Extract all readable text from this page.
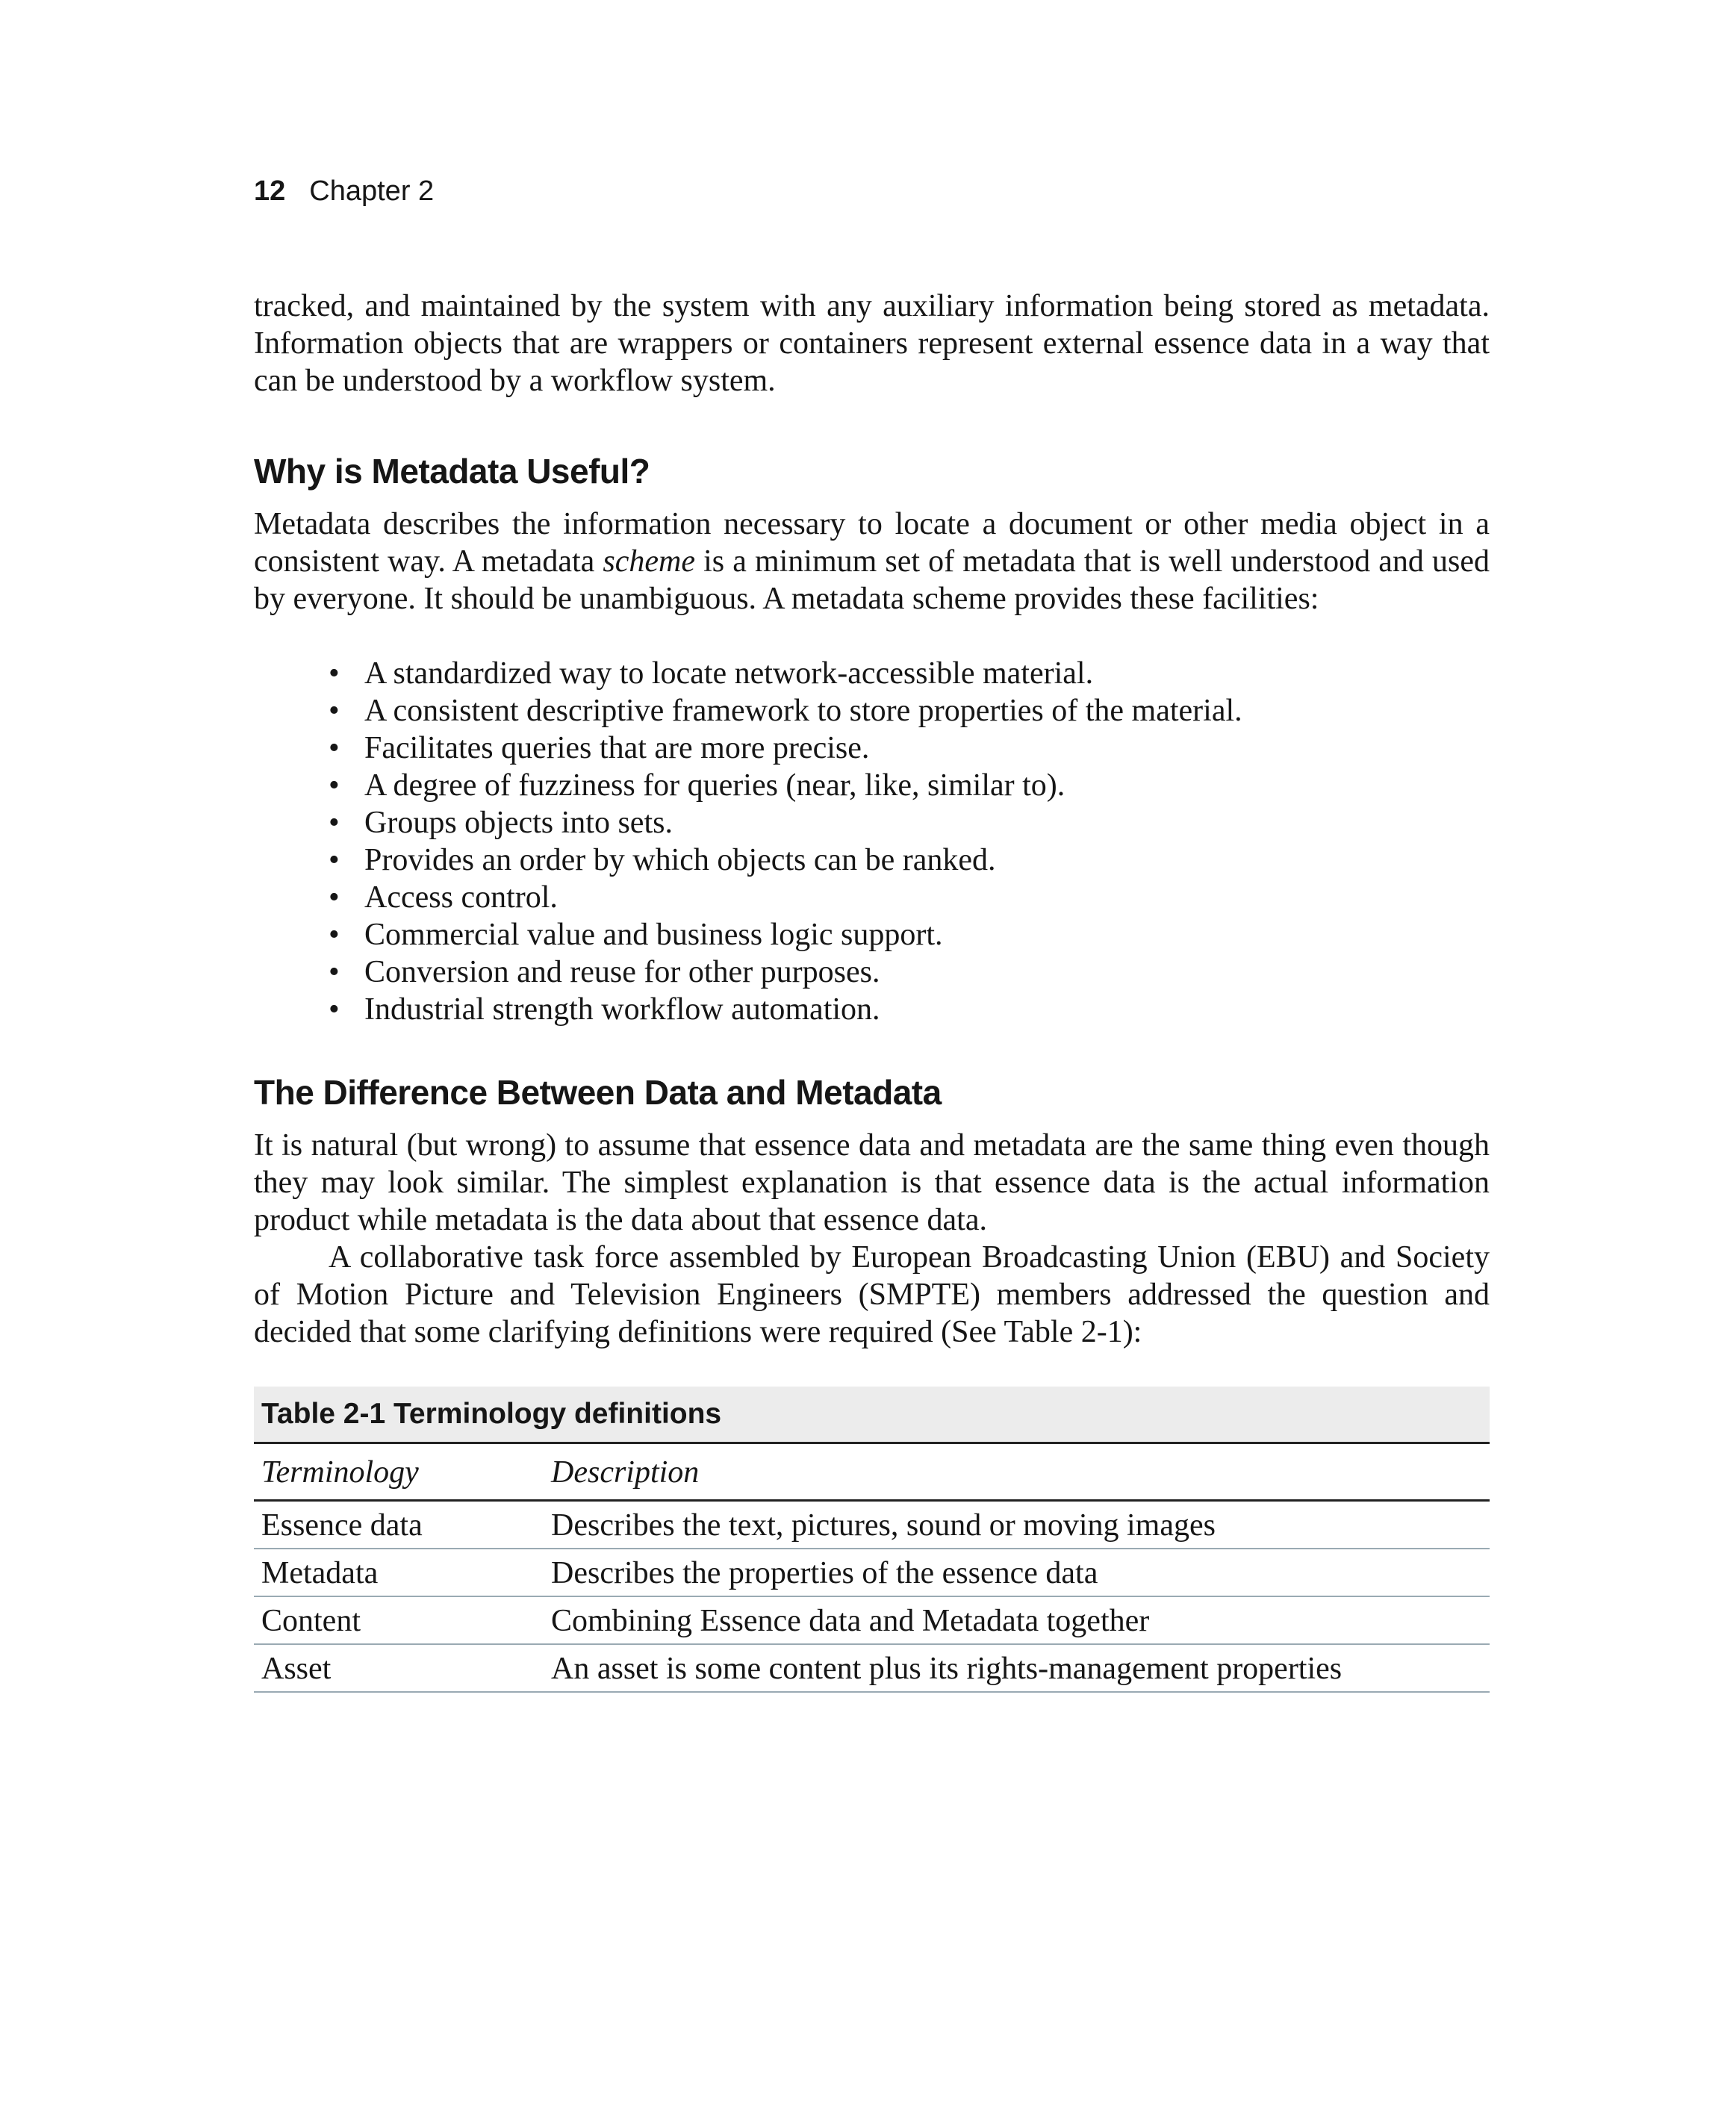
12 Chapter 2

tracked, and maintained by the system with any auxiliary information being stored as metadata. Information objects that are wrappers or containers represent external essence data in a way that can be understood by a workflow system.

Why is Metadata Useful?

Metadata describes the information necessary to locate a document or other media object in a consistent way. A metadata scheme is a minimum set of metadata that is well understood and used by everyone. It should be unambiguous. A metadata scheme provides these facilities:

• A standardized way to locate network-accessible material.
• A consistent descriptive framework to store properties of the material.
• Facilitates queries that are more precise.
• A degree of fuzziness for queries (near, like, similar to).
• Groups objects into sets.
• Provides an order by which objects can be ranked.
• Access control.
• Commercial value and business logic support.
• Conversion and reuse for other purposes.
• Industrial strength workflow automation.
The Difference Between Data and Metadata

It is natural (but wrong) to assume that essence data and metadata are the same thing even though they may look similar. The simplest explanation is that essence data is the actual information product while metadata is the data about that essence data.

A collaborative task force assembled by European Broadcasting Union (EBU) and Society of Motion Picture and Television Engineers (SMPTE) members addressed the question and decided that some clarifying definitions were required (See Table 2-1):

Table 2-1 Terminology definitions
Terminology	Description
Essence data	Describes the text, pictures, sound or moving images
Metadata	Describes the properties of the essence data
Content	Combining Essence data and Metadata together
Asset	An asset is some content plus its rights-management properties
